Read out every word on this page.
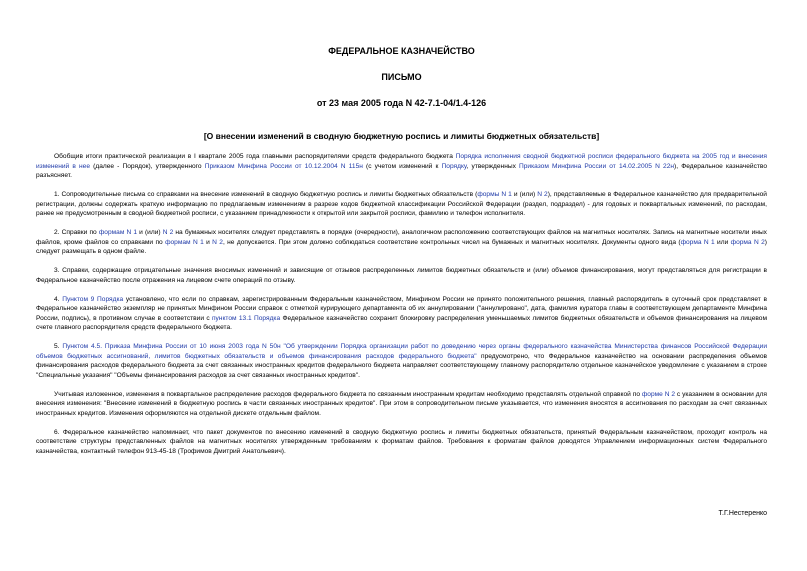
ФЕДЕРАЛЬНОЕ КАЗНАЧЕЙСТВО
ПИСЬМО
от 23 мая 2005 года N 42-7.1-04/1.4-126
[О внесении изменений в сводную бюджетную роспись и лимиты бюджетных обязательств]

Обобщив итоги практической реализации в I квартале 2005 года главными распорядителями средств федерального бюджета Порядка исполнения сводной бюджетной росписи федерального бюджета на 2005 год и внесения изменений в нее (далее - Порядок), утвержденного Приказом Минфина России от 10.12.2004 N 115н (с учетом изменений к Порядку, утвержденных Приказом Минфина России от 14.02.2005 N 22н), Федеральное казначейство разъясняет.

1. Сопроводительные письма со справками на внесение изменений в сводную бюджетную роспись и лимиты бюджетных обязательств (формы N 1 и (или) N 2), представляемые в Федеральное казначейство для предварительной регистрации, должны содержать краткую информацию по предлагаемым изменениям в разрезе кодов бюджетной классификации Российской Федерации (раздел, подраздел) - для годовых и поквартальных изменений, по расходам, ранее не предусмотренным в сводной бюджетной росписи, с указанием принадлежности к открытой или закрытой росписи, фамилию и телефон исполнителя.

2. Справки по формам N 1 и (или) N 2 на бумажных носителях следует представлять в порядке (очередности), аналогичном расположению соответствующих файлов на магнитных носителях. Запись на магнитные носители иных файлов, кроме файлов со справками по формам N 1 и N 2, не допускается. При этом должно соблюдаться соответствие контрольных чисел на бумажных и магнитных носителях. Документы одного вида (форма N 1 или форма N 2) следует размещать в одном файле.

3. Справки, содержащие отрицательные значения вносимых изменений и зависящие от отзывов распределенных лимитов бюджетных обязательств и (или) объемов финансирования, могут представляться для регистрации в Федеральное казначейство после отражения на лицевом счете операций по отзыву.

4. Пунктом 9 Порядка установлено, что если по справкам, зарегистрированным Федеральным казначейством, Минфином России не принято положительного решения, главный распорядитель в суточный срок представляет в Федеральное казначейство экземпляр не принятых Минфином России справок с отметкой курирующего департамента об их аннулировании ("аннулировано", дата, фамилия куратора главы в соответствующем департаменте Минфина России, подпись), в противном случае в соответствии с пунктом 13.1 Порядка Федеральное казначейство сохранит блокировку распределения уменьшаемых лимитов бюджетных обязательств и объемов финансирования на лицевом счете главного распорядителя средств федерального бюджета.

5. Пунктом 4.5. Приказа Минфина России от 10 июня 2003 года N 50н "Об утверждении Порядка организации работ по доведению через органы федерального казначейства Министерства финансов Российской Федерации объемов бюджетных ассигнований, лимитов бюджетных обязательств и объемов финансирования расходов федерального бюджета" предусмотрено, что Федеральное казначейство на основании распределения объемов финансирования расходов федерального бюджета за счет связанных иностранных кредитов федерального бюджета направляет соответствующему главному распорядителю отдельное казначейское уведомление с указанием в строке "Специальные указания" "Объемы финансирования расходов за счет связанных иностранных кредитов".

Учитывая изложенное, изменения в поквартальное распределение расходов федерального бюджета по связанным иностранным кредитам необходимо представлять отдельной справкой по форме N 2 с указанием в основании для внесения изменения: "Внесение изменений в бюджетную роспись в части связанных иностранных кредитов". При этом в сопроводительном письме указывается, что изменения вносятся в ассигнования по расходам за счет связанных иностранных кредитов. Изменения оформляются на отдельной дискете отдельным файлом.

6. Федеральное казначейство напоминает, что пакет документов по внесению изменений в сводную бюджетную роспись и лимиты бюджетных обязательств, принятый Федеральным казначейством, проходит контроль на соответствие структуры представленных файлов на магнитных носителях утвержденным требованиям к форматам файлов. Требования к форматам файлов доводятся Управлением информационных систем Федерального казначейства, контактный телефон 913-45-18 (Трофимов Дмитрий Анатольевич).

Т.Г.Нестеренко
